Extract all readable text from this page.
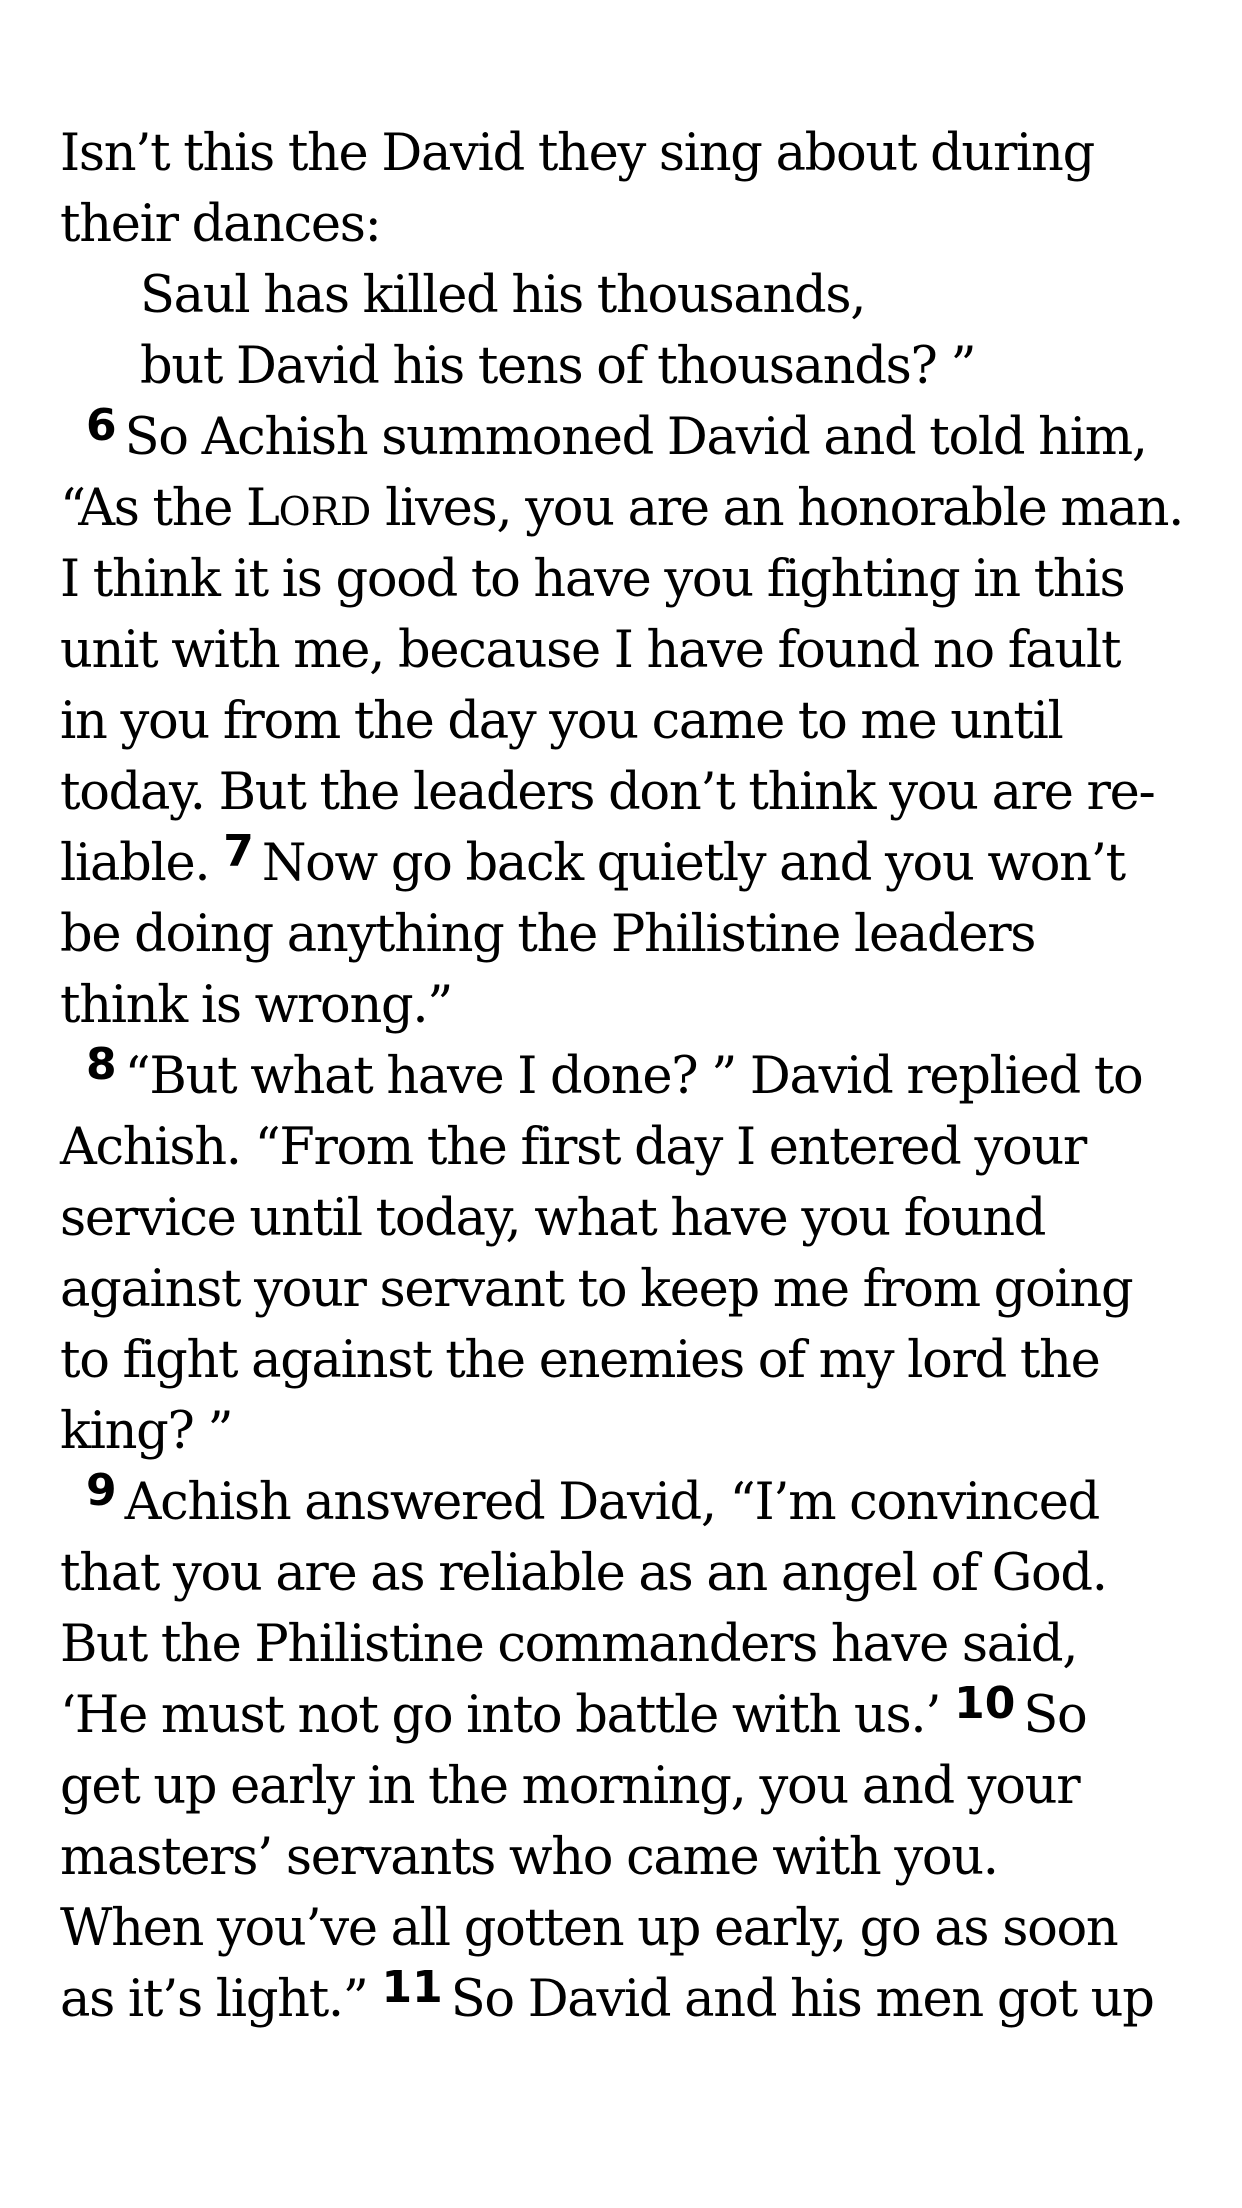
Isn’t this the David they sing about during
their dances:
Saul has killed his thousands,
but David his tens of thousands? ”
6 So Achish summoned David and told him,
“As the LORD lives, you are an honorable man.
I think it is good to have you fighting in this
unit with me, because I have found no fault
in you from the day you came to me until
today. But the leaders don’t think you are re-
liable. 7 Now go back quietly and you won’t
be doing anything the Philistine leaders
think is wrong.”
8 “But what have I done? ” David replied to
Achish. “From the first day I entered your
service until today, what have you found
against your servant to keep me from going
to fight against the enemies of my lord the
king? ”
9 Achish answered David, “I’m convinced
that you are as reliable as an angel of God.
But the Philistine commanders have said,
‘He must not go into battle with us.’ 10 So
get up early in the morning, you and your
masters’ servants who came with you.
When you’ve all gotten up early, go as soon
as it’s light.” 11 So David and his men got up
